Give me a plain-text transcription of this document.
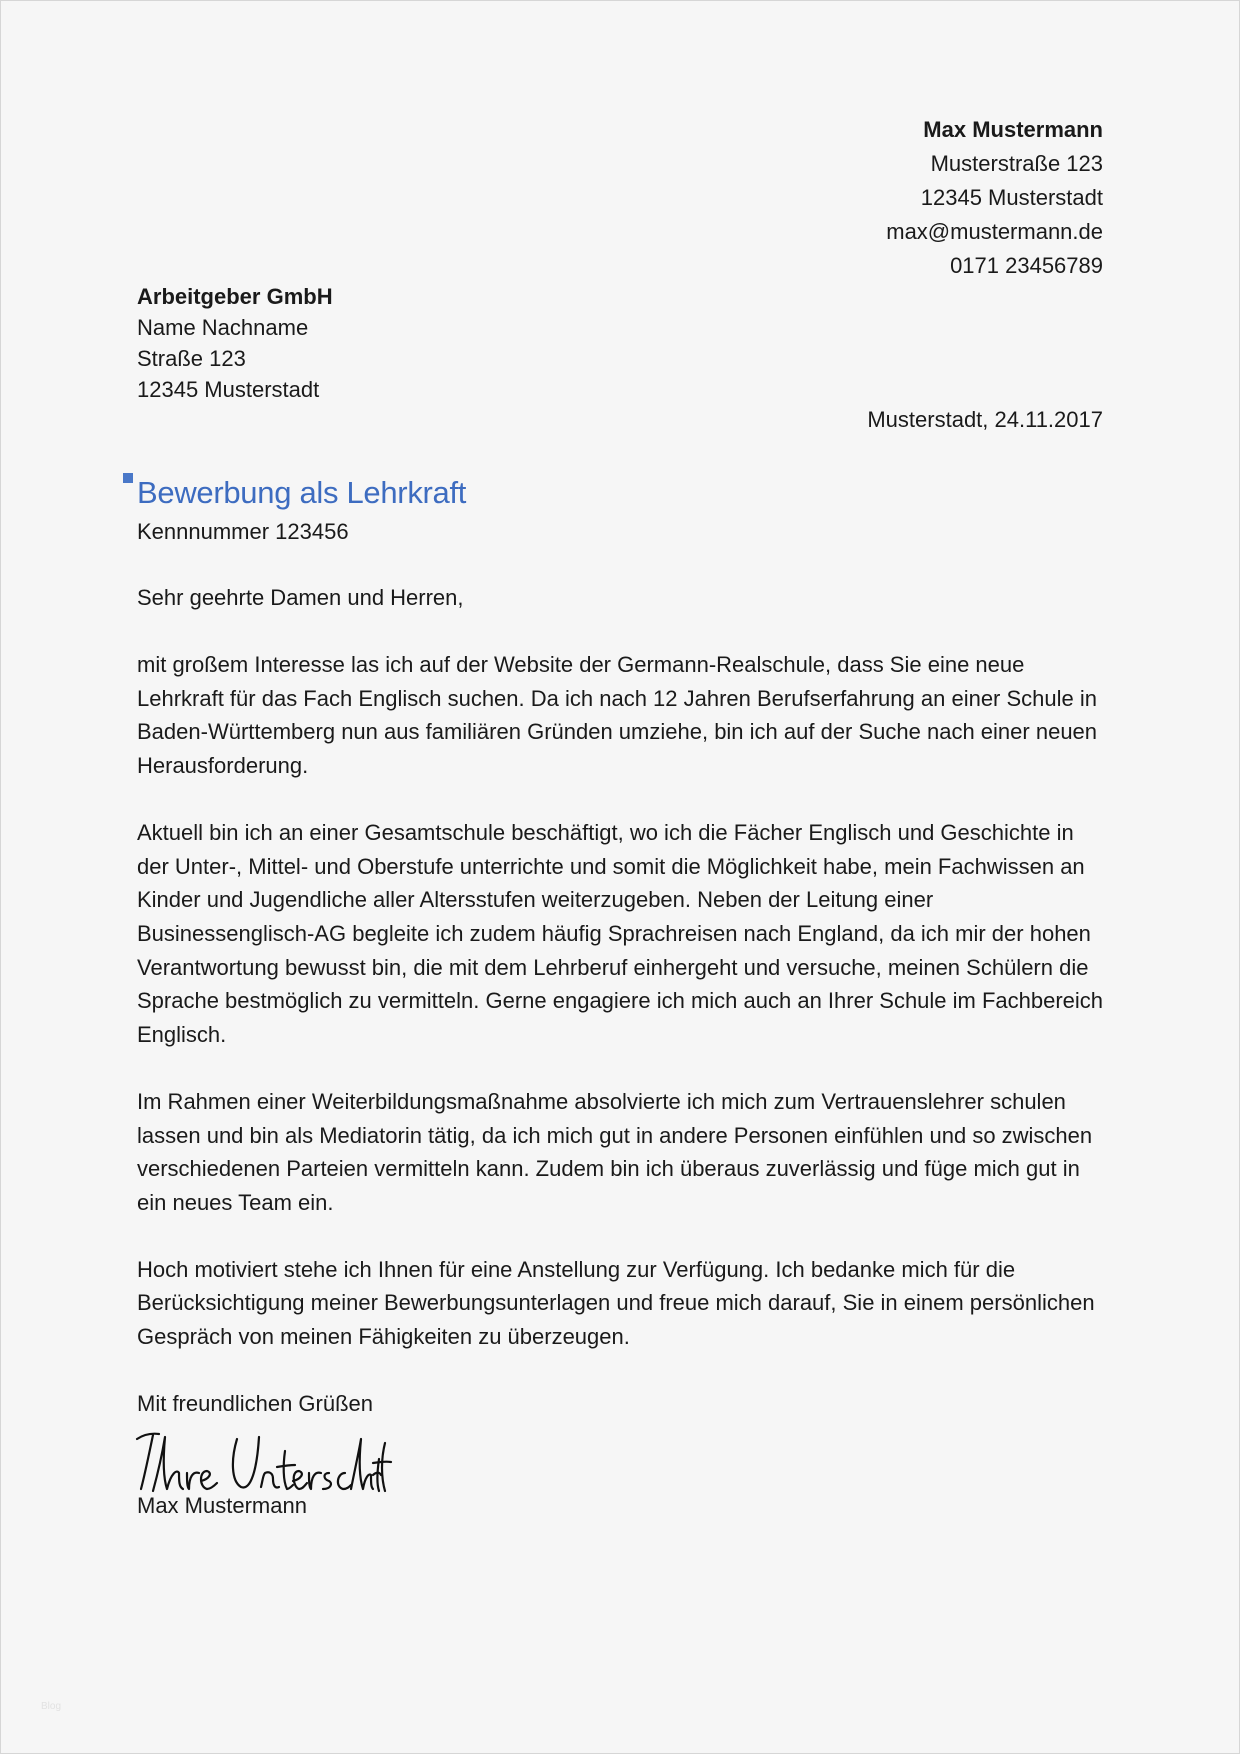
Max Mustermann
Musterstraße 123
12345 Musterstadt
max@mustermann.de
0171 23456789
Arbeitgeber GmbH
Name Nachname
Straße 123
12345 Musterstadt
Musterstadt, 24.11.2017
Bewerbung als Lehrkraft
Kennnummer 123456

Sehr geehrte Damen und Herren,

mit großem Interesse las ich auf der Website der Germann-Realschule, dass Sie eine neue Lehrkraft für das Fach Englisch suchen. Da ich nach 12 Jahren Berufserfahrung an einer Schule in Baden-Württemberg nun aus familiären Gründen umziehe, bin ich auf der Suche nach einer neuen Herausforderung.

Aktuell bin ich an einer Gesamtschule beschäftigt, wo ich die Fächer Englisch und Geschichte in der Unter-, Mittel- und Oberstufe unterrichte und somit die Möglichkeit habe, mein Fachwissen an Kinder und Jugendliche aller Altersstufen weiterzugeben. Neben der Leitung einer Businessenglisch-AG begleite ich zudem häufig Sprachreisen nach England, da ich mir der hohen Verantwortung bewusst bin, die mit dem Lehrberuf einhergeht und versuche, meinen Schülern die Sprache bestmöglich zu vermitteln. Gerne engagiere ich mich auch an Ihrer Schule im Fachbereich Englisch.

Im Rahmen einer Weiterbildungsmaßnahme absolvierte ich mich zum Vertrauenslehrer schulen lassen und bin als Mediatorin tätig, da ich mich gut in andere Personen einfühlen und so zwischen verschiedenen Parteien vermitteln kann. Zudem bin ich überaus zuverlässig und füge mich gut in ein neues Team ein.

Hoch motiviert stehe ich Ihnen für eine Anstellung zur Verfügung. Ich bedanke mich für die Berücksichtigung meiner Bewerbungsunterlagen und freue mich darauf, Sie in einem persönlichen Gespräch von meinen Fähigkeiten zu überzeugen.

Mit freundlichen Grüßen
Max Mustermann
Blog
